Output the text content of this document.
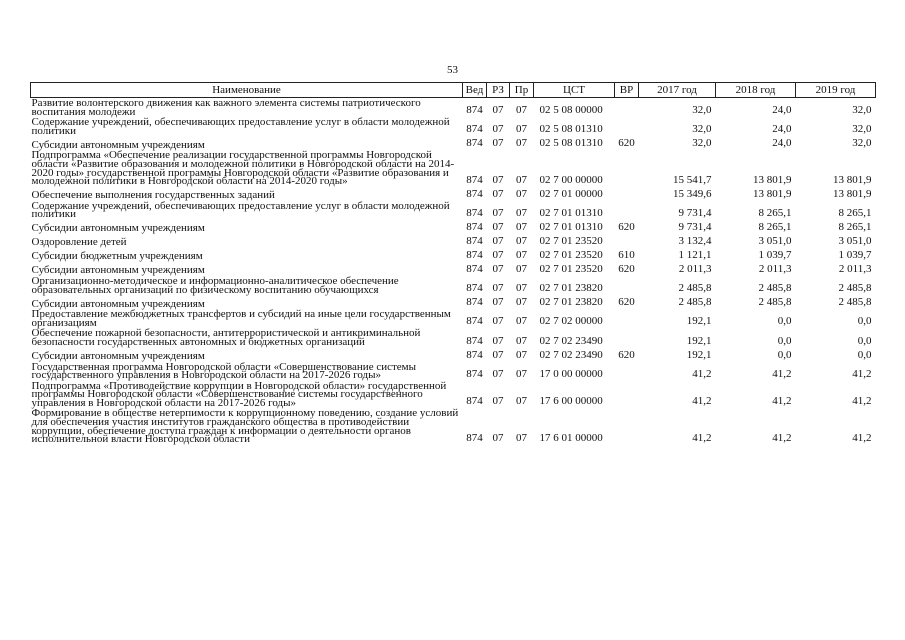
53
Наименование	Вед	РЗ	Пр	ЦСТ	ВР	2017 год	2018 год	2019 год
Развитие волонтерского движения как важного элемента системы патриотического воспитания молодежи	874	07	07	02 5 08 00000		32,0	24,0	32,0
Содержание учреждений, обеспечивающих предоставление услуг в области молодежной политики	874	07	07	02 5 08 01310		32,0	24,0	32,0
Субсидии автономным учреждениям	874	07	07	02 5 08 01310	620	32,0	24,0	32,0
Подпрограмма «Обеспечение реализации государственной программы Новгородской области «Развитие образования и молодежной политики в Новгородской области на 2014-2020 годы» государственной программы Новгородской области «Развитие образования и молодежной политики в Новгородской области на 2014-2020 годы»	874	07	07	02 7 00 00000		15 541,7	13 801,9	13 801,9
Обеспечение выполнения государственных заданий	874	07	07	02 7 01 00000		15 349,6	13 801,9	13 801,9
Содержание учреждений, обеспечивающих предоставление услуг в области молодежной политики	874	07	07	02 7 01 01310		9 731,4	8 265,1	8 265,1
Субсидии автономным учреждениям	874	07	07	02 7 01 01310	620	9 731,4	8 265,1	8 265,1
Оздоровление детей	874	07	07	02 7 01 23520		3 132,4	3 051,0	3 051,0
Субсидии бюджетным учреждениям	874	07	07	02 7 01 23520	610	1 121,1	1 039,7	1 039,7
Субсидии автономным учреждениям	874	07	07	02 7 01 23520	620	2 011,3	2 011,3	2 011,3
Организационно-методическое и информационно-аналитическое обеспечение образовательных организаций по физическому воспитанию обучающихся	874	07	07	02 7 01 23820		2 485,8	2 485,8	2 485,8
Субсидии автономным учреждениям	874	07	07	02 7 01 23820	620	2 485,8	2 485,8	2 485,8
Предоставление межбюджетных трансфертов и субсидий на иные цели государственным организациям	874	07	07	02 7 02 00000		192,1	0,0	0,0
Обеспечение пожарной безопасности, антитеррористической и антикриминальной безопасности государственных автономных и бюджетных организаций	874	07	07	02 7 02 23490		192,1	0,0	0,0
Субсидии автономным учреждениям	874	07	07	02 7 02 23490	620	192,1	0,0	0,0
Государственная программа Новгородской области «Совершенствование системы государственного управления в Новгородской области на 2017-2026 годы»	874	07	07	17 0 00 00000		41,2	41,2	41,2
Подпрограмма «Противодействие коррупции в Новгородской области» государственной программы Новгородской области «Совершенствование системы государственного управления в Новгородской области на 2017-2026 годы»	874	07	07	17 6 00 00000		41,2	41,2	41,2
Формирование в обществе нетерпимости к коррупционному поведению, создание условий для обеспечения участия институтов гражданского общества в противодействии коррупции, обеспечение доступа граждан к информации о деятельности органов исполнительной власти Новгородской области	874	07	07	17 6 01 00000		41,2	41,2	41,2
